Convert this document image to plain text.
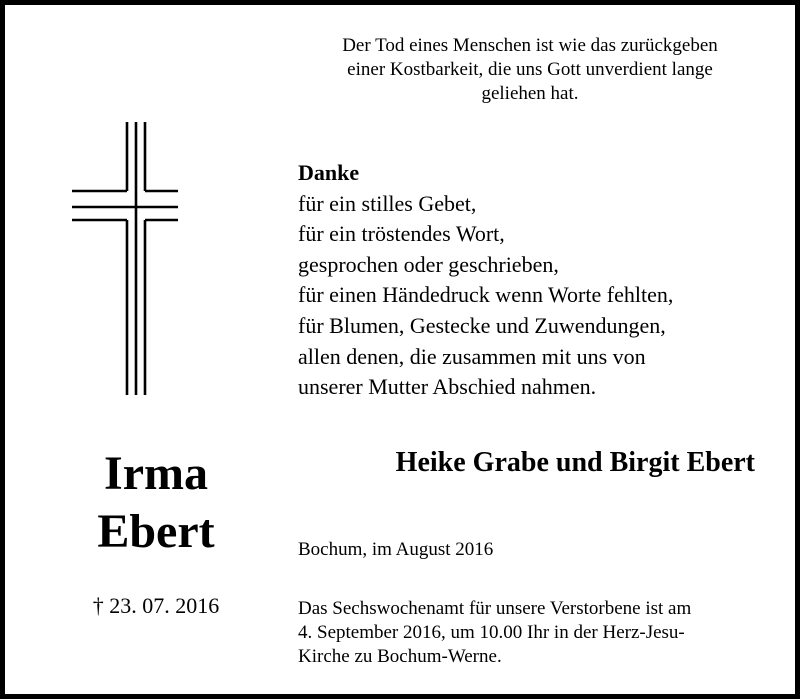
Der Tod eines Menschen ist wie das zurückgeben
einer Kostbarkeit, die uns Gott unverdient lange
geliehen hat.
Danke
für ein stilles Gebet,
für ein tröstendes Wort,
gesprochen oder geschrieben,
für einen Händedruck wenn Worte fehlten,
für Blumen, Gestecke und Zuwendungen,
allen denen, die zusammen mit uns von
unserer Mutter Abschied nahmen.
Irma
Ebert
Heike Grabe und Birgit Ebert
Bochum, im August 2016
† 23. 07. 2016	Das Sechswochenamt für unsere Verstorbene ist am
4. September 2016, um 10.00 Ihr in der Herz-Jesu-
Kirche zu Bochum-Werne.
